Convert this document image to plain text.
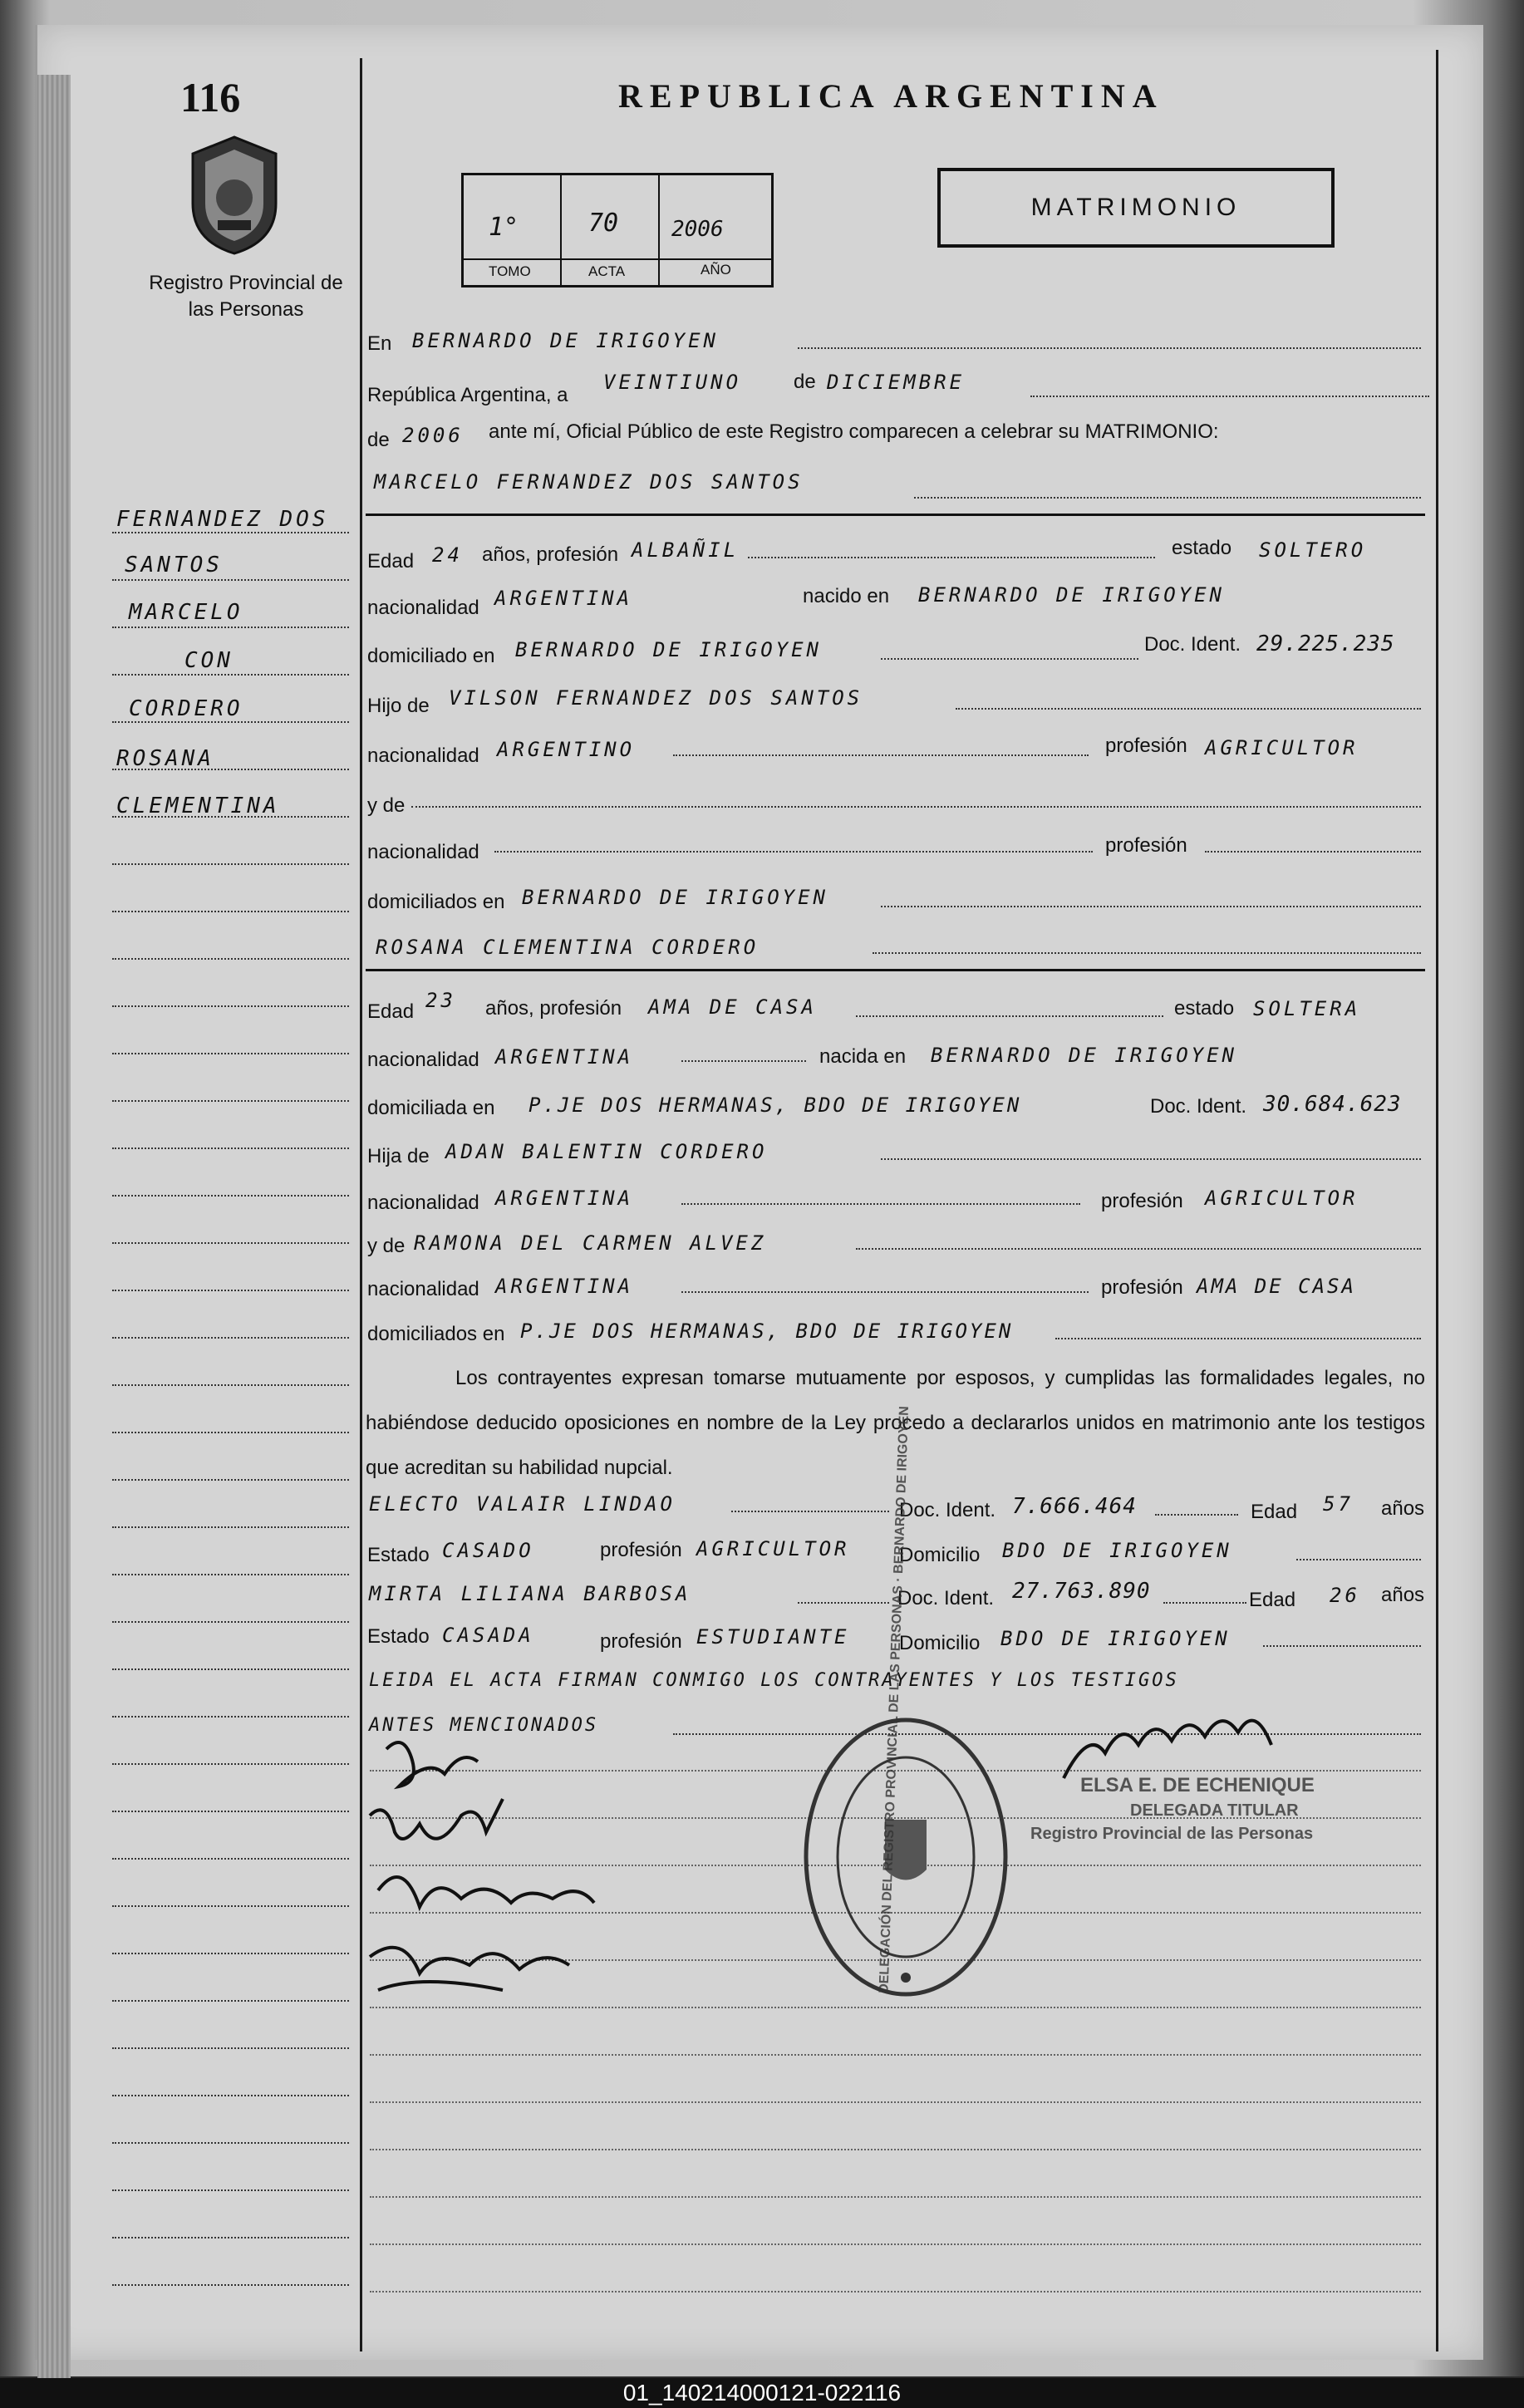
116
Registro Provincial de las Personas
REPUBLICA ARGENTINA
1°	70 2006
TOMO	ACTA	AÑO
MATRIMONIO
FERNANDEZ DOS
SANTOS
MARCELO
CON
CORDERO
ROSANA
CLEMENTINA
En BERNARDO DE IRIGOYEN
República Argentina, a
VEINTIUNO	de DICIEMBRE
de 2006 ante mí, Oficial Público de este Registro comparecen a celebrar su MATRIMONIO:
MARCELO FERNANDEZ DOS SANTOS
Edad 24 años, profesión ALBAÑIL	estado SOLTERO
nacionalidad ARGENTINA	nacido en BERNARDO DE IRIGOYEN
domiciliado en BERNARDO DE IRIGOYEN	Doc. Ident. 29.225.235
Hijo de VILSON FERNANDEZ DOS SANTOS
nacionalidad ARGENTINO	profesión AGRICULTOR
y de
nacionalidad	profesión
domiciliados en BERNARDO DE IRIGOYEN
ROSANA CLEMENTINA CORDERO
Edad 23 años, profesión AMA DE CASA	estado SOLTERA
nacionalidad ARGENTINA	nacida en BERNARDO DE IRIGOYEN
domiciliada en P.JE DOS HERMANAS, BDO DE IRIGOYEN	Doc. Ident. 30.684.623
Hija de ADAN BALENTIN CORDERO
nacionalidad ARGENTINA	profesión AGRICULTOR
y de RAMONA DEL CARMEN ALVEZ
nacionalidad ARGENTINA	profesión AMA DE CASA
domiciliados en P.JE DOS HERMANAS, BDO DE IRIGOYEN
Los contrayentes expresan tomarse mutuamente por esposos, y cumplidas las formalidades legales, no habiéndose deducido oposiciones en nombre de la Ley procedo a declararlos unidos en matrimonio ante los testigos que acreditan su habilidad nupcial.
ELECTO VALAIR LINDAO	Doc. Ident. 7.666.464	Edad 57 años
Estado CASADO	profesión AGRICULTOR Domicilio BDO DE IRIGOYEN
MIRTA LILIANA BARBOSA	Doc. Ident. 27.763.890	Edad 26 años
Estado CASADA	profesión ESTUDIANTE Domicilio BDO DE IRIGOYEN
LEIDA EL ACTA FIRMAN CONMIGO LOS CONTRAYENTES Y LOS TESTIGOS
ANTES MENCIONADOS
ELSA E. DE ECHENIQUE
DELEGADA TITULAR
Registro Provincial de las Personas
01_140214000121-022116
